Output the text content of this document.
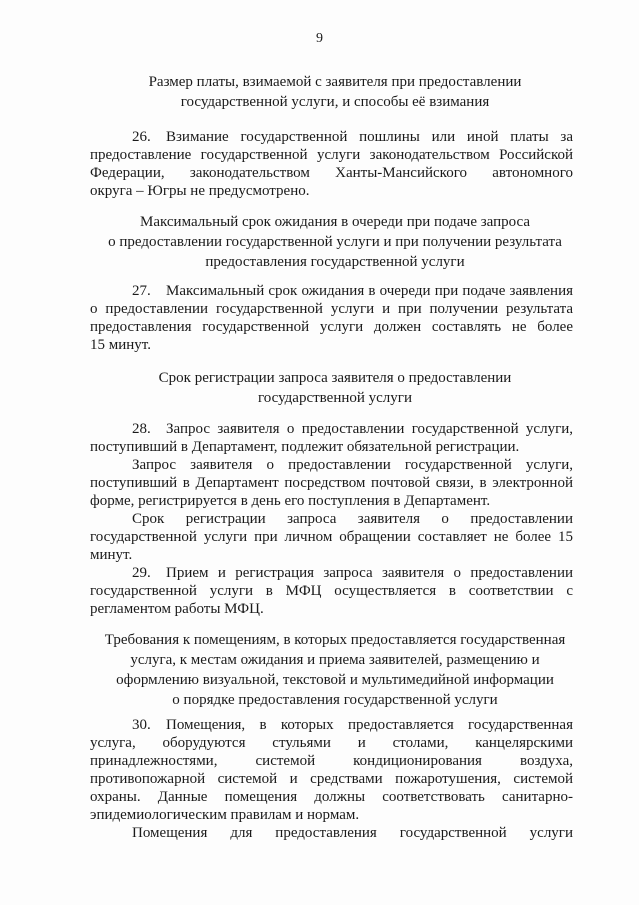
9
Размер платы, взимаемой с заявителя при предоставлении
государственной услуги, и способы её взимания
26. Взимание государственной пошлины или иной платы за
предоставление государственной услуги законодательством Российской
Федерации, законодательством Ханты-Мансийского автономного
округа – Югры не предусмотрено.
Максимальный срок ожидания в очереди при подаче запроса
о предоставлении государственной услуги и при получении результата
предоставления государственной услуги
27. Максимальный срок ожидания в очереди при подаче заявления
о предоставлении государственной услуги и при получении результата
предоставления государственной услуги должен составлять не более
15 минут.
Срок регистрации запроса заявителя о предоставлении
государственной услуги
28. Запрос заявителя о предоставлении государственной услуги,
поступивший в Департамент, подлежит обязательной регистрации.
Запрос заявителя о предоставлении государственной услуги,
поступивший в Департамент посредством почтовой связи, в электронной
форме, регистрируется в день его поступления в Департамент.
Срок регистрации запроса заявителя о предоставлении
государственной услуги при личном обращении составляет не более 15
минут.
29. Прием и регистрация запроса заявителя о предоставлении
государственной услуги в МФЦ осуществляется в соответствии с
регламентом работы МФЦ.
Требования к помещениям, в которых предоставляется государственная
услуга, к местам ожидания и приема заявителей, размещению и
оформлению визуальной, текстовой и мультимедийной информации
о порядке предоставления государственной услуги
30. Помещения, в которых предоставляется государственная
услуга, оборудуются стульями и столами, канцелярскими
принадлежностями, системой кондиционирования воздуха,
противопожарной системой и средствами пожаротушения, системой
охраны. Данные помещения должны соответствовать санитарно-
эпидемиологическим правилам и нормам.
Помещения для предоставления государственной услуги
